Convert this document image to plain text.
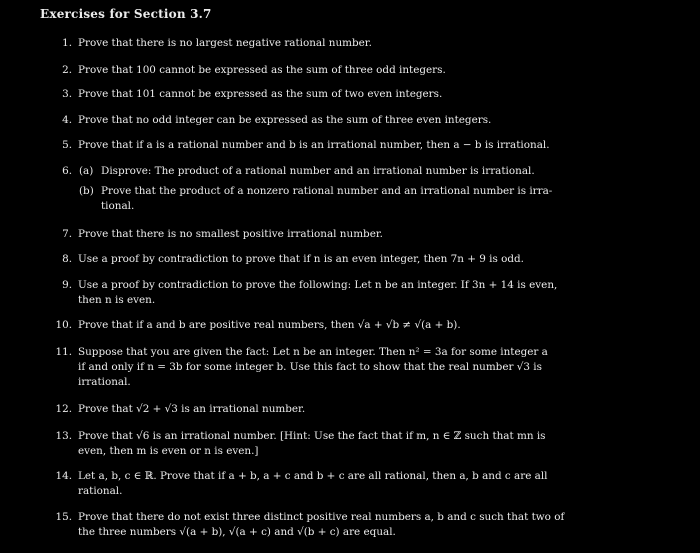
Exercises for Section 3.7
1. Prove that there is no largest negative rational number.
2. Prove that 100 cannot be expressed as the sum of three odd integers.
3. Prove that 101 cannot be expressed as the sum of two even integers.
4. Prove that no odd integer can be expressed as the sum of three even integers.
5. Prove that if a is a rational number and b is an irrational number, then a − b is irrational.
6. (a) Disprove: The product of a rational number and an irrational number is irrational.
(b) Prove that the product of a nonzero rational number and an irrational number is irra-
tional.
7. Prove that there is no smallest positive irrational number.
8. Use a proof by contradiction to prove that if n is an even integer, then 7n + 9 is odd.
9. Use a proof by contradiction to prove the following: Let n be an integer. If 3n + 14 is even,
then n is even.
10. Prove that if a and b are positive real numbers, then √a + √b ≠ √(a + b).
11. Suppose that you are given the fact: Let n be an integer. Then n² = 3a for some integer a
if and only if n = 3b for some integer b. Use this fact to show that the real number √3 is
irrational.
12. Prove that √2 + √3 is an irrational number.
13. Prove that √6 is an irrational number. [Hint: Use the fact that if m, n ∈ ℤ such that mn is
even, then m is even or n is even.]
14. Let a, b, c ∈ ℝ. Prove that if a + b, a + c and b + c are all rational, then a, b and c are all
rational.
15. Prove that there do not exist three distinct positive real numbers a, b and c such that two of
the three numbers √(a + b), √(a + c) and √(b + c) are equal.
